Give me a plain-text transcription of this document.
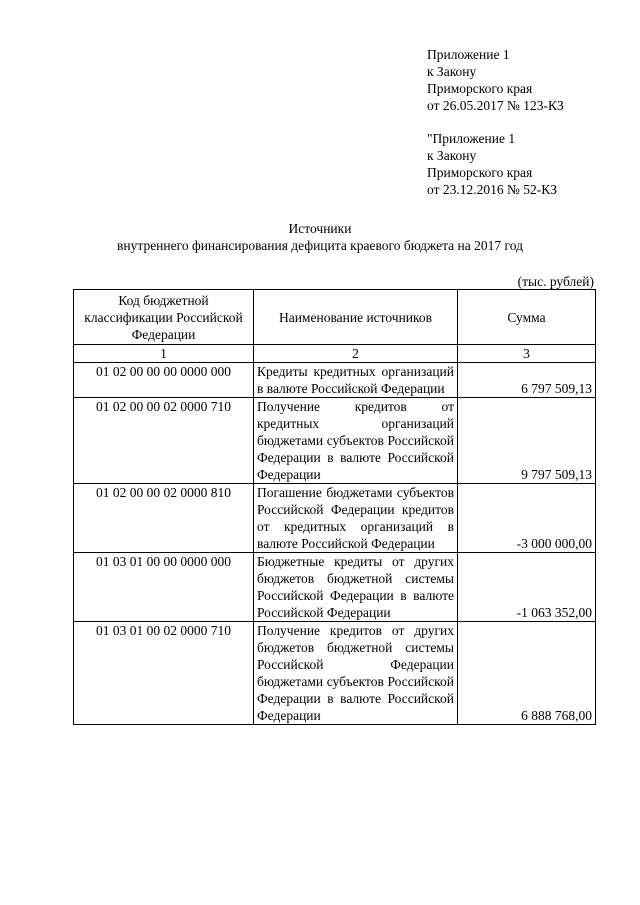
Приложение 1
к Закону
Приморского края
от 26.05.2017 № 123-КЗ
"Приложение 1
к Закону
Приморского края
от 23.12.2016 № 52-КЗ
Источники
внутреннего финансирования дефицита краевого бюджета на 2017 год
(тыс. рублей)
Код бюджетной классификации Российской Федерации	Наименование источников	Сумма
1	2	3
01 02 00 00 00 0000 000	Кредиты кредитных организаций в валюте Российской Федерации	6 797 509,13
01 02 00 00 02 0000 710	Получение кредитов от кредитных организаций бюджетами субъектов Российской Федерации в валюте Российской Федерации	9 797 509,13
01 02 00 00 02 0000 810	Погашение бюджетами субъектов Российской Федерации кредитов от кредитных организаций в валюте Российской Федерации	-3 000 000,00
01 03 01 00 00 0000 000	Бюджетные кредиты от других бюджетов бюджетной системы Российской Федерации в валюте Российской Федерации	-1 063 352,00
01 03 01 00 02 0000 710	Получение кредитов от других бюджетов бюджетной системы Российской Федерации бюджетами субъектов Российской Федерации в валюте Российской Федерации	6 888 768,00
